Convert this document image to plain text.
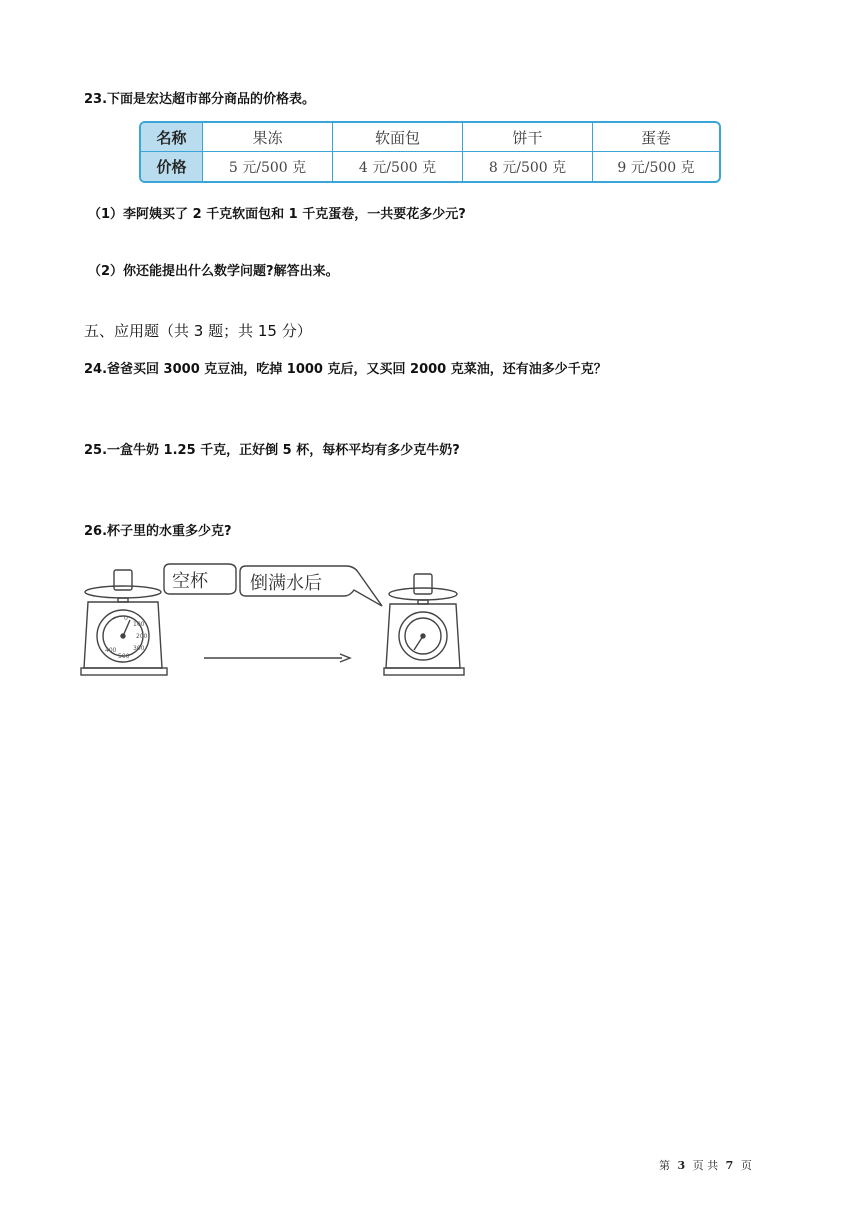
23.下面是宏达超市部分商品的价格表。
名称	果冻	软面包	饼干	蛋卷
价格	5 元/500 克	4 元/500 克	8 元/500 克	9 元/500 克
（1）李阿姨买了 2 千克软面包和 1 千克蛋卷，一共要花多少元?
（2）你还能提出什么数学问题?解答出来。
五、应用题（共 3 题；共 15 分）
24.爸爸买回 3000 克豆油，吃掉 1000 克后，又买回 2000 克菜油，还有油多少千克？
25.一盒牛奶 1.25 千克，正好倒 5 杯，每杯平均有多少克牛奶?
26.杯子里的水重多少克?
0
100
200
300
400
500
空杯 倒满水后
第 3 页 共 7 页
